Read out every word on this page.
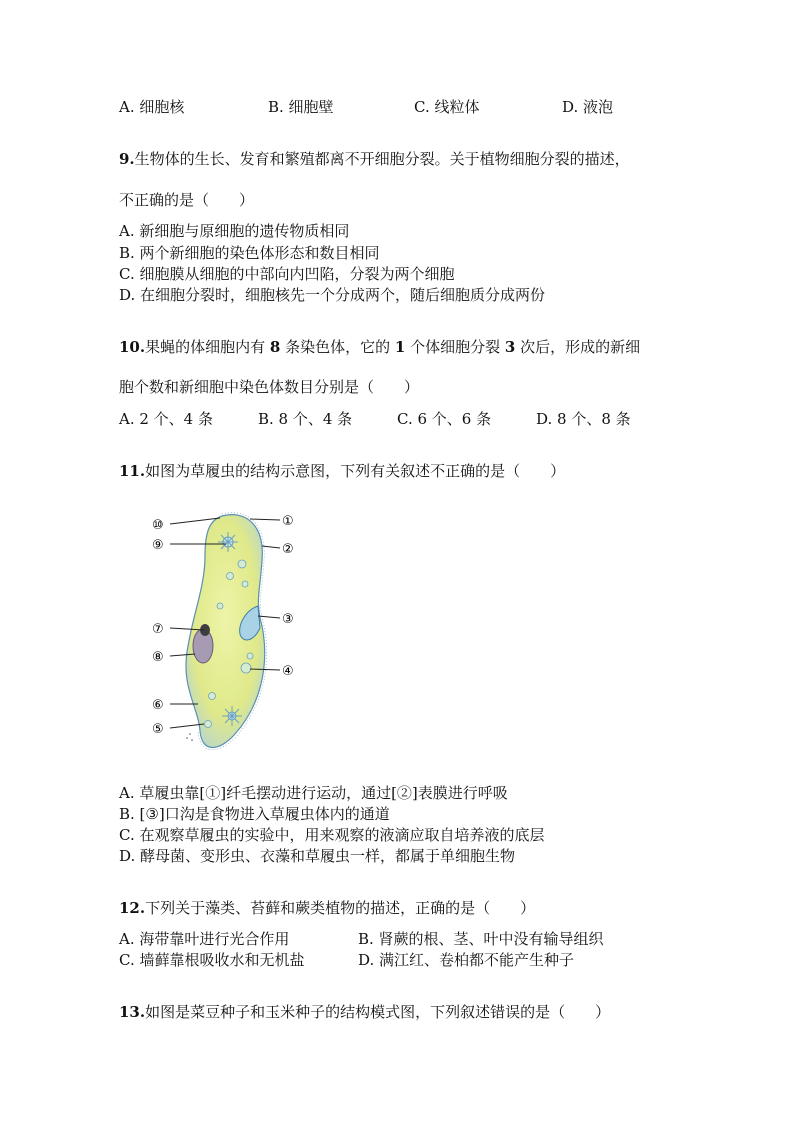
A. 细胞核	B. 细胞壁	C. 线粒体	D. 液泡
9.生物体的生长、发育和繁殖都离不开细胞分裂。关于植物细胞分裂的描述，
不正确的是（　　）
A. 新细胞与原细胞的遗传物质相同
B. 两个新细胞的染色体形态和数目相同
C. 细胞膜从细胞的中部向内凹陷，分裂为两个细胞
D. 在细胞分裂时，细胞核先一个分成两个，随后细胞质分成两份
10.果蝇的体细胞内有 8 条染色体，它的 1 个体细胞分裂 3 次后，形成的新细
胞个数和新细胞中染色体数目分别是（　　）
A. 2 个、4 条	B. 8 个、4 条	C. 6 个、6 条	D. 8 个、8 条
11.如图为草履虫的结构示意图，下列有关叙述不正确的是（　　）
⑩
⑨
⑦
⑧
⑥
⑤
①
②
③
④
A. 草履虫靠[①]纤毛摆动进行运动，通过[②]表膜进行呼吸
B. [③]口沟是食物进入草履虫体内的通道
C. 在观察草履虫的实验中，用来观察的液滴应取自培养液的底层
D. 酵母菌、变形虫、衣藻和草履虫一样，都属于单细胞生物
12.下列关于藻类、苔藓和蕨类植物的描述，正确的是（　　）
A. 海带靠叶进行光合作用	B. 肾蕨的根、茎、叶中没有输导组织
C. 墙藓靠根吸收水和无机盐	D. 满江红、卷柏都不能产生种子
13.如图是菜豆种子和玉米种子的结构模式图，下列叙述错误的是（　　）
